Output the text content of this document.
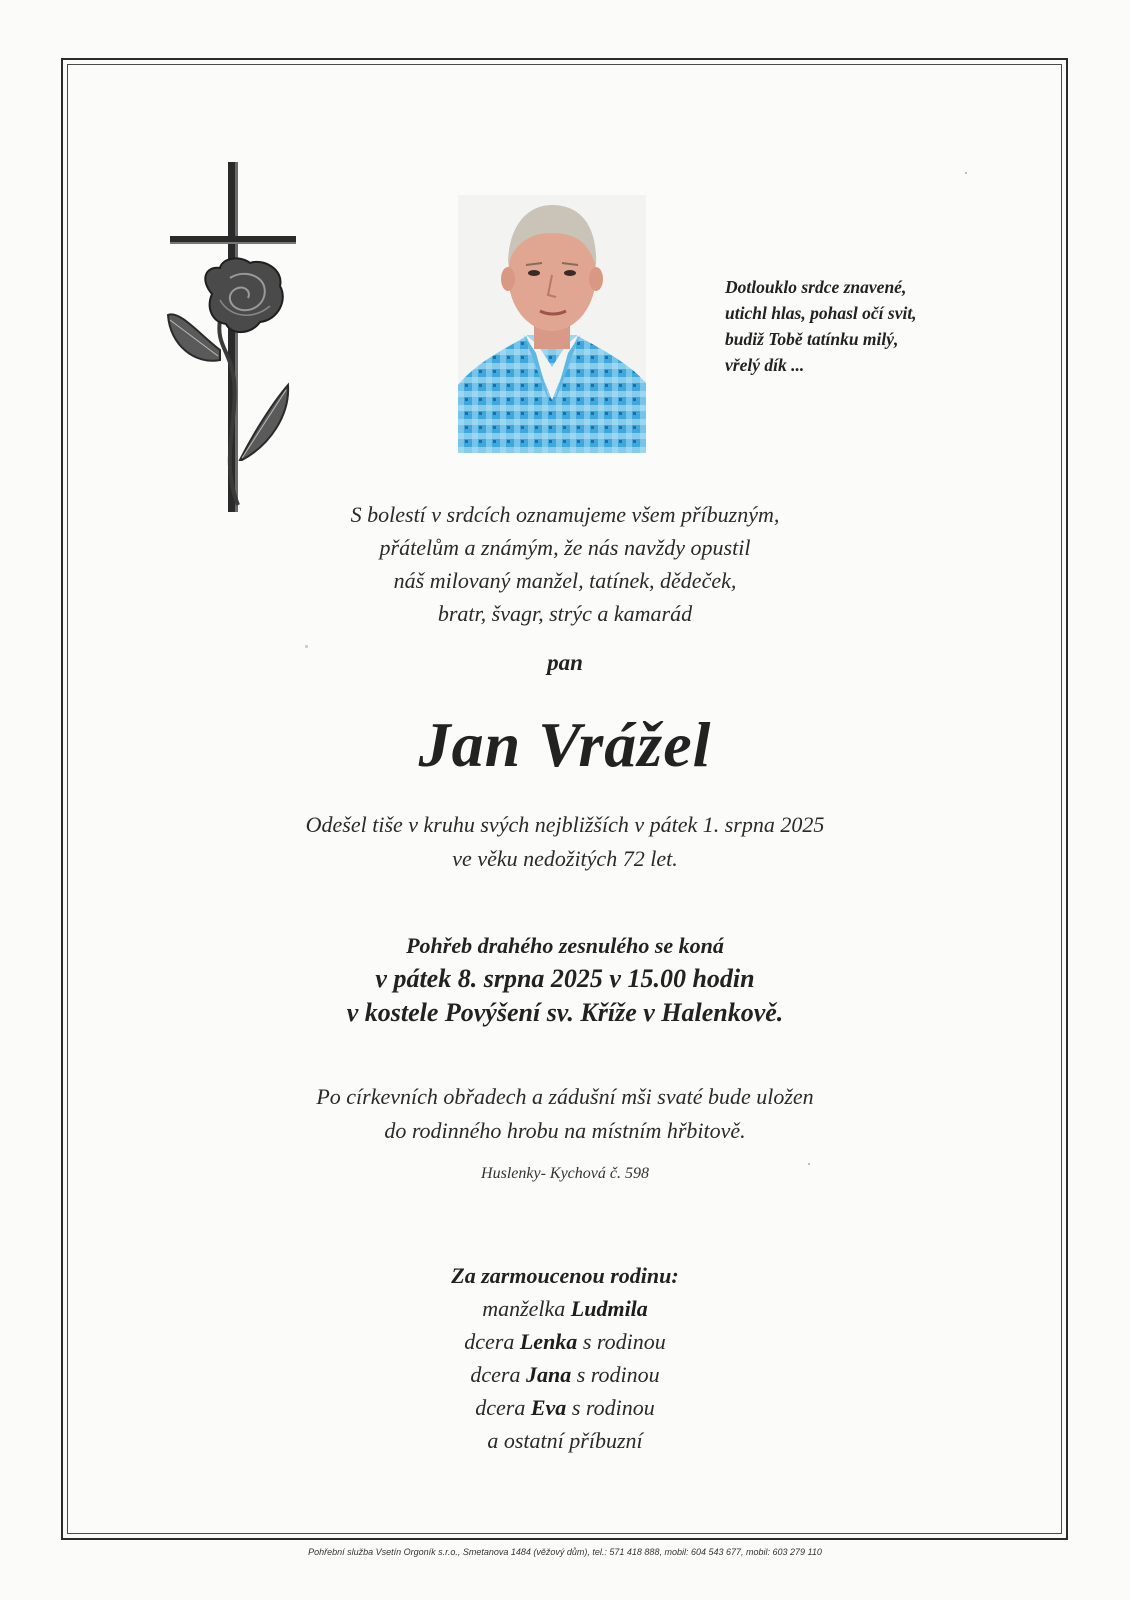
Dotlouklo srdce znavené,
utichl hlas, pohasl očí svit,
budiž Tobě tatínku milý,
vřelý dík ...
S bolestí v srdcích oznamujeme všem příbuzným,
přátelům a známým, že nás navždy opustil
náš milovaný manžel, tatínek, dědeček,
bratr, švagr, strýc a kamarád
pan
Jan Vrážel
Odešel tiše v kruhu svých nejbližších v pátek 1. srpna 2025
ve věku nedožitých 72 let.
Pohřeb drahého zesnulého se koná
v pátek 8. srpna 2025 v 15.00 hodin
v kostele Povýšení sv. Kříže v Halenkově.
Po církevních obřadech a zádušní mši svaté bude uložen
do rodinného hrobu na místním hřbitově.
Huslenky- Kychová č. 598
Za zarmoucenou rodinu:
manželka Ludmila
dcera Lenka s rodinou
dcera Jana s rodinou
dcera Eva s rodinou
a ostatní příbuzní
Pohřební služba Vsetín Orgoník s.r.o., Smetanova 1484 (věžový dům), tel.: 571 418 888, mobil: 604 543 677, mobil: 603 279 110
